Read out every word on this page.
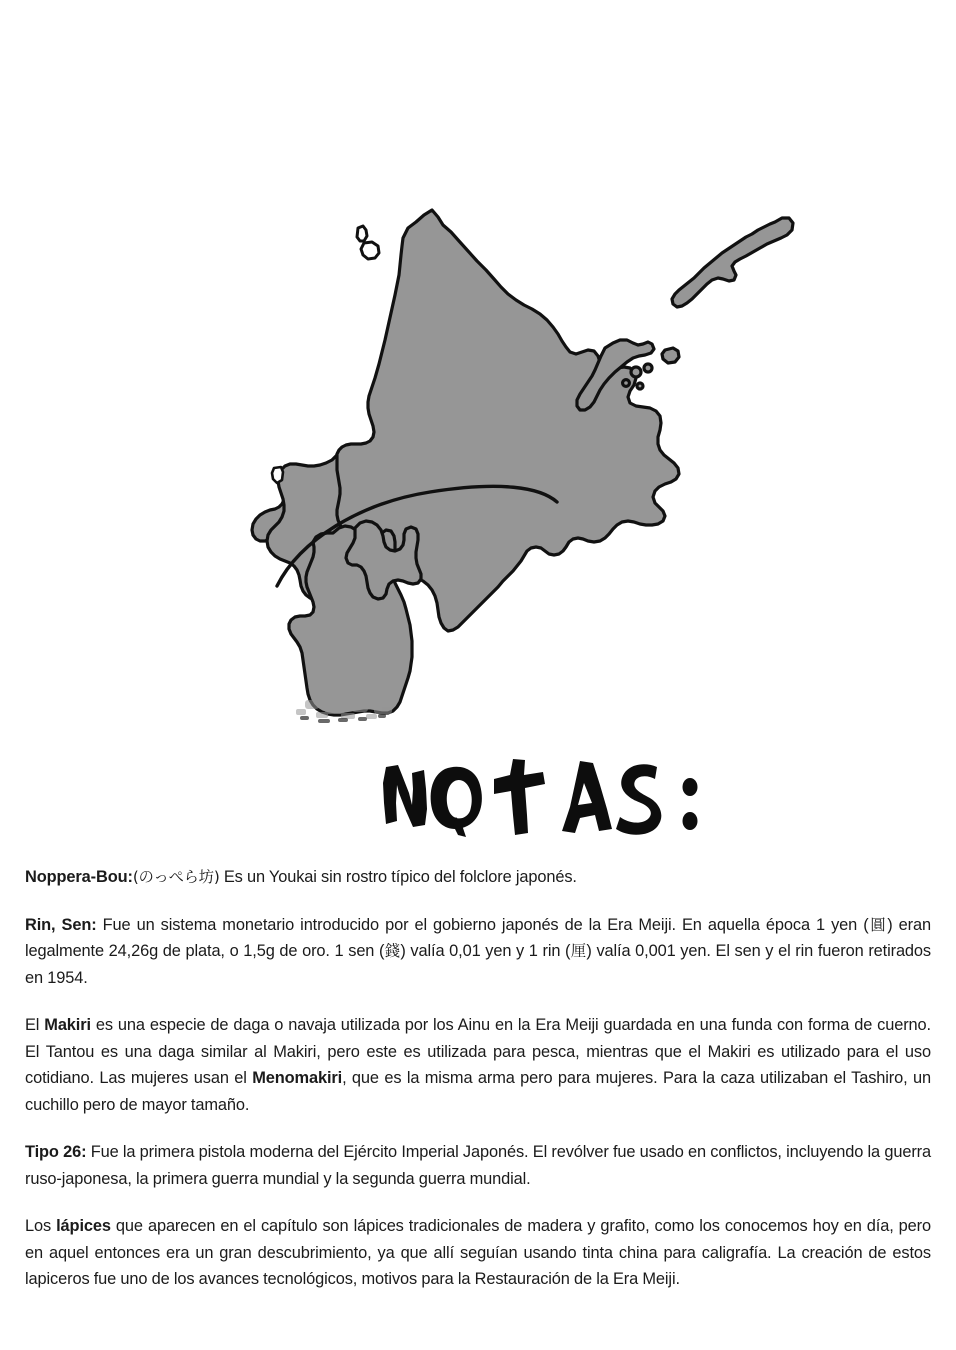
Noppera-Bou:(のっぺら坊) Es un Youkai sin rostro típico del folclore japonés.

Rin, Sen: Fue un sistema monetario introducido por el gobierno japonés de la Era Meiji. En aquella época 1 yen (圓) eran legalmente 24,26g de plata, o 1,5g de oro. 1 sen (錢) valía 0,01 yen y 1 rin (厘) valía 0,001 yen. El sen y el rin fueron retirados en 1954.

El Makiri es una especie de daga o navaja utilizada por los Ainu en la Era Meiji guardada en una funda con forma de cuerno. El Tantou es una daga similar al Makiri, pero este es utilizada para pesca, mientras que el Makiri es utilizado para el uso cotidiano. Las mujeres usan el Menomakiri, que es la misma arma pero para mujeres. Para la caza utilizaban el Tashiro, un cuchillo pero de mayor tamaño.

Tipo 26: Fue la primera pistola moderna del Ejército Imperial Japonés. El revólver fue usado en conflictos, incluyendo la guerra ruso-japonesa, la primera guerra mundial y la segunda guerra mundial.

Los lápices que aparecen en el capítulo son lápices tradicionales de madera y grafito, como los conocemos hoy en día, pero en aquel entonces era un gran descubrimiento, ya que allí seguían usando tinta china para caligrafía. La creación de estos lapiceros fue uno de los avances tecnológicos, motivos para la Restauración de la Era Meiji.
